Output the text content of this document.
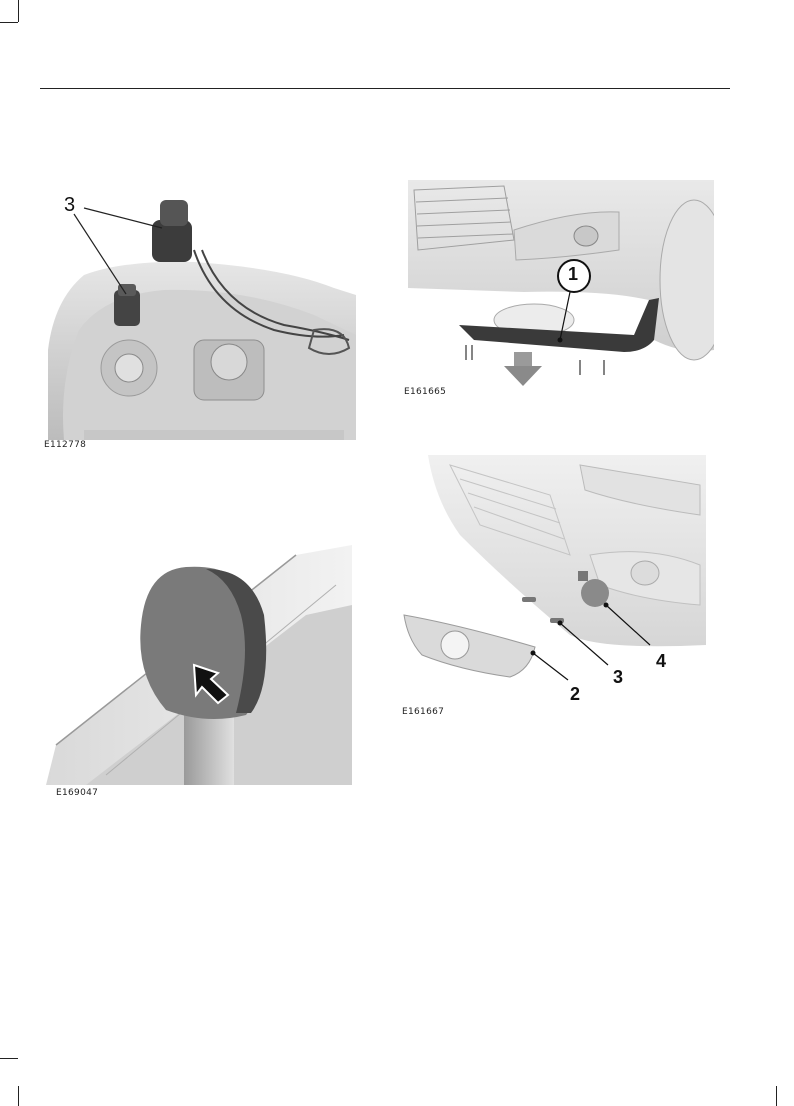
3
E112778
1
E161665
E169047
2
3
4
E161667
